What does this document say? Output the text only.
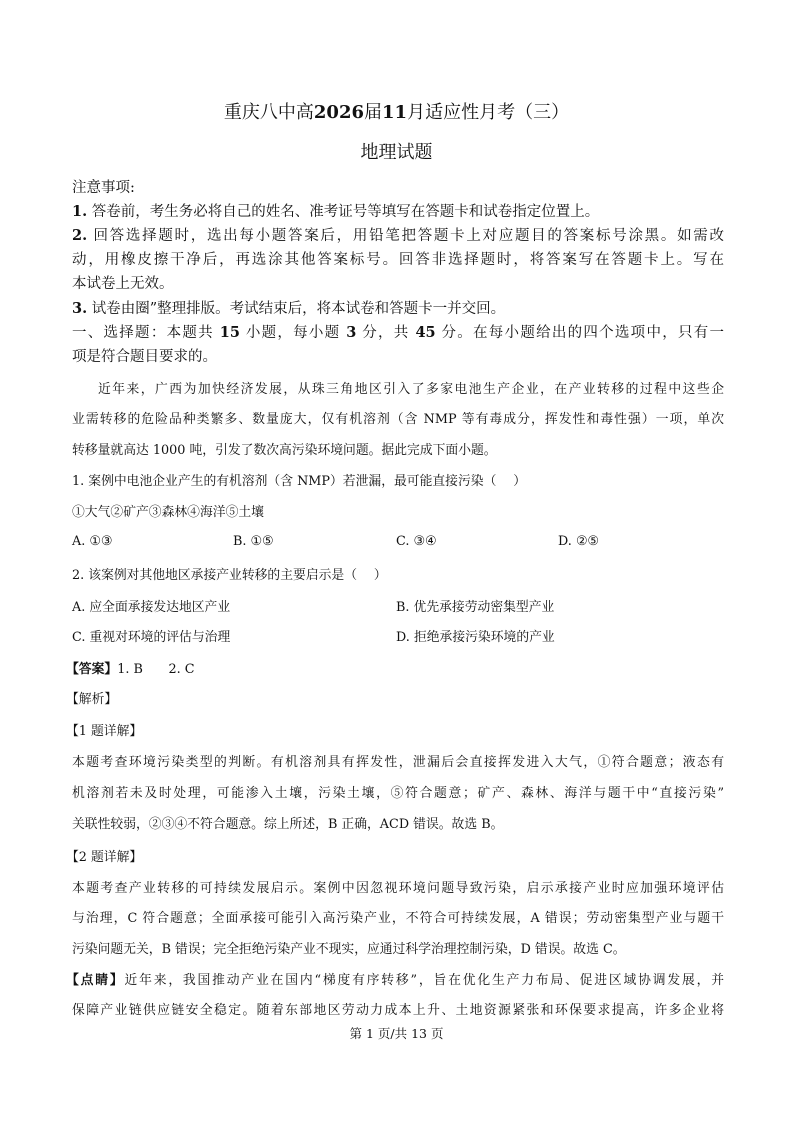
重庆八中高2026届11月适应性月考（三）
地理试题
注意事项:
1. 答卷前，考生务必将自己的姓名、准考证号等填写在答题卡和试卷指定位置上。
2. 回答选择题时，选出每小题答案后，用铅笔把答题卡上对应题目的答案标号涂黑。如需改
动，用橡皮擦干净后，再选涂其他答案标号。回答非选择题时，将答案写在答题卡上。写在
本试卷上无效。
3. 试卷由圈”整理排版。考试结束后，将本试卷和答题卡一并交回。
一、选择题：本题共 15 小题，每小题 3 分，共 45 分。在每小题给出的四个选项中，只有一
项是符合题目要求的。
近年来，广西为加快经济发展，从珠三角地区引入了多家电池生产企业，在产业转移的过程中这些企
业需转移的危险品种类繁多、数量庞大，仅有机溶剂（含 NMP 等有毒成分，挥发性和毒性强）一项，单次
转移量就高达 1000 吨，引发了数次高污染环境问题。据此完成下面小题。
1. 案例中电池企业产生的有机溶剂（含 NMP）若泄漏，最可能直接污染（　 ）
①大气②矿产③森林④海洋⑤土壤
A. ①③	B. ①⑤	C. ③④	D. ②⑤
2. 该案例对其他地区承接产业转移的主要启示是（　 ）
A. 应全面承接发达地区产业	B. 优先承接劳动密集型产业
C. 重视对环境的评估与治理	D. 拒绝承接污染环境的产业
【答案】1. B　　2. C
【解析】
【1 题详解】
本题考查环境污染类型的判断。有机溶剂具有挥发性，泄漏后会直接挥发进入大气，①符合题意；液态有
机溶剂若未及时处理，可能渗入土壤，污染土壤，⑤符合题意；矿产、森林、海洋与题干中“直接污染”
关联性较弱，②③④不符合题意。综上所述，B 正确，ACD 错误。故选 B。
【2 题详解】
本题考查产业转移的可持续发展启示。案例中因忽视环境问题导致污染，启示承接产业时应加强环境评估
与治理，C 符合题意；全面承接可能引入高污染产业，不符合可持续发展，A 错误；劳动密集型产业与题干
污染问题无关，B 错误；完全拒绝污染产业不现实，应通过科学治理控制污染，D 错误。故选 C。
【点睛】近年来，我国推动产业在国内“梯度有序转移”，旨在优化生产力布局、促进区域协调发展，并
保障产业链供应链安全稳定。随着东部地区劳动力成本上升、土地资源紧张和环保要求提高，许多企业将
第 1 页/共 13 页
